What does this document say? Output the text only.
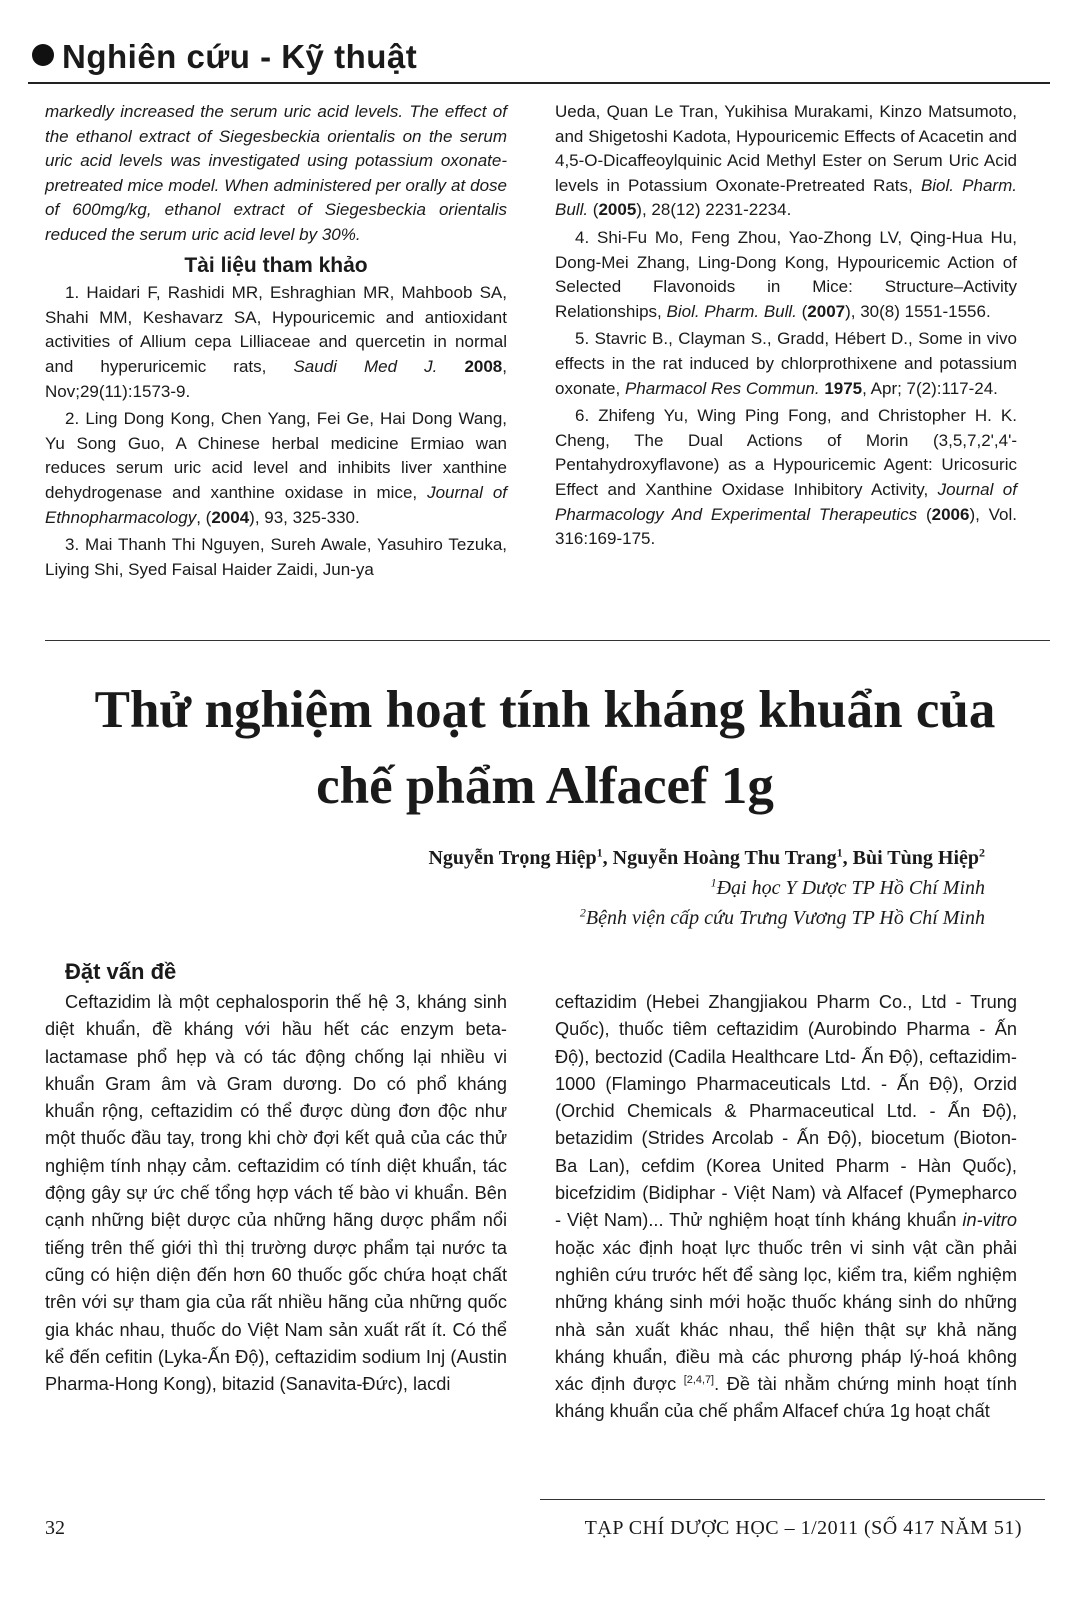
Nghiên cứu - Kỹ thuật

markedly increased the serum uric acid levels. The effect of the ethanol extract of Siegesbeckia orientalis on the serum uric acid levels was investigated using potassium oxonate-pretreated mice model. When administered per orally at dose of 600mg/kg, ethanol extract of Siegesbeckia orientalis reduced the serum uric acid level by 30%.

Tài liệu tham khảo

1. Haidari F, Rashidi MR, Eshraghian MR, Mahboob SA, Shahi MM, Keshavarz SA, Hypouricemic and antioxidant activities of Allium cepa Lilliaceae and quercetin in normal and hyperuricemic rats, Saudi Med J. 2008, Nov;29(11):1573-9.

2. Ling Dong Kong, Chen Yang, Fei Ge, Hai Dong Wang, Yu Song Guo, A Chinese herbal medicine Ermiao wan reduces serum uric acid level and inhibits liver xanthine dehydrogenase and xanthine oxidase in mice, Journal of Ethnopharmacology, (2004), 93, 325-330.

3. Mai Thanh Thi Nguyen, Sureh Awale, Yasuhiro Tezuka, Liying Shi, Syed Faisal Haider Zaidi, Jun-ya

Ueda, Quan Le Tran, Yukihisa Murakami, Kinzo Matsumoto, and Shigetoshi Kadota, Hypouricemic Effects of Acacetin and 4,5-O-Dicaffeoylquinic Acid Methyl Ester on Serum Uric Acid levels in Potassium Oxonate-Pretreated Rats, Biol. Pharm. Bull. (2005), 28(12) 2231-2234.

4. Shi-Fu Mo, Feng Zhou, Yao-Zhong LV, Qing-Hua Hu, Dong-Mei Zhang, Ling-Dong Kong, Hypouricemic Action of Selected Flavonoids in Mice: Structure–Activity Relationships, Biol. Pharm. Bull. (2007), 30(8) 1551-1556.

5. Stavric B., Clayman S., Gradd, Hébert D., Some in vivo effects in the rat induced by chlorprothixene and potassium oxonate, Pharmacol Res Commun. 1975, Apr; 7(2):117-24.

6. Zhifeng Yu, Wing Ping Fong, and Christopher H. K. Cheng, The Dual Actions of Morin (3,5,7,2',4'-Pentahydroxyflavone) as a Hypouricemic Agent: Uricosuric Effect and Xanthine Oxidase Inhibitory Activity, Journal of Pharmacology And Experimental Therapeutics (2006), Vol. 316:169-175.

Thử nghiệm hoạt tính kháng khuẩn của
chế phẩm Alfacef 1g
Nguyễn Trọng Hiệp$^1$, Nguyễn Hoàng Thu Trang$^1$, Bùi Tùng Hiệp$^2$
$^1$Đại học Y Dược TP Hồ Chí Minh
$^2$Bệnh viện cấp cứu Trưng Vương TP Hồ Chí Minh
Đặt vấn đề

Ceftazidim là một cephalosporin thế hệ 3, kháng sinh diệt khuẩn, đề kháng với hầu hết các enzym beta-lactamase phổ hẹp và có tác động chống lại nhiều vi khuẩn Gram âm và Gram dương. Do có phổ kháng khuẩn rộng, ceftazidim có thể được dùng đơn độc như một thuốc đầu tay, trong khi chờ đợi kết quả của các thử nghiệm tính nhạy cảm. ceftazidim có tính diệt khuẩn, tác động gây sự ức chế tổng hợp vách tế bào vi khuẩn. Bên cạnh những biệt dược của những hãng dược phẩm nổi tiếng trên thế giới thì thị trường dược phẩm tại nước ta cũng có hiện diện đến hơn 60 thuốc gốc chứa hoạt chất trên với sự tham gia của rất nhiều hãng của những quốc gia khác nhau, thuốc do Việt Nam sản xuất rất ít. Có thể kể đến cefitin (Lyka-Ấn Độ), ceftazidim sodium Inj (Austin Pharma-Hong Kong), bitazid (Sanavita-Đức), lacdi

ceftazidim (Hebei Zhangjiakou Pharm Co., Ltd - Trung Quốc), thuốc tiêm ceftazidim (Aurobindo Pharma - Ấn Độ), bectozid (Cadila Healthcare Ltd- Ấn Độ), ceftazidim-1000 (Flamingo Pharmaceuticals Ltd. - Ấn Độ), Orzid (Orchid Chemicals & Pharmaceutical Ltd. - Ấn Độ), betazidim (Strides Arcolab - Ấn Độ), biocetum (Bioton- Ba Lan), cefdim (Korea United Pharm - Hàn Quốc), bicefzidim (Bidiphar - Việt Nam) và Alfacef (Pymepharco - Việt Nam)... Thử nghiệm hoạt tính kháng khuẩn in-vitro hoặc xác định hoạt lực thuốc trên vi sinh vật cần phải nghiên cứu trước hết để sàng lọc, kiểm tra, kiểm nghiệm những kháng sinh mới hoặc thuốc kháng sinh do những nhà sản xuất khác nhau, thể hiện thật sự khả năng kháng khuẩn, điều mà các phương pháp lý-hoá không xác định được [2,4,7]. Đề tài nhằm chứng minh hoạt tính kháng khuẩn của chế phẩm Alfacef chứa 1g hoạt chất

32	TẠP CHÍ DƯỢC HỌC – 1/2011 (SỐ 417 NĂM 51)
